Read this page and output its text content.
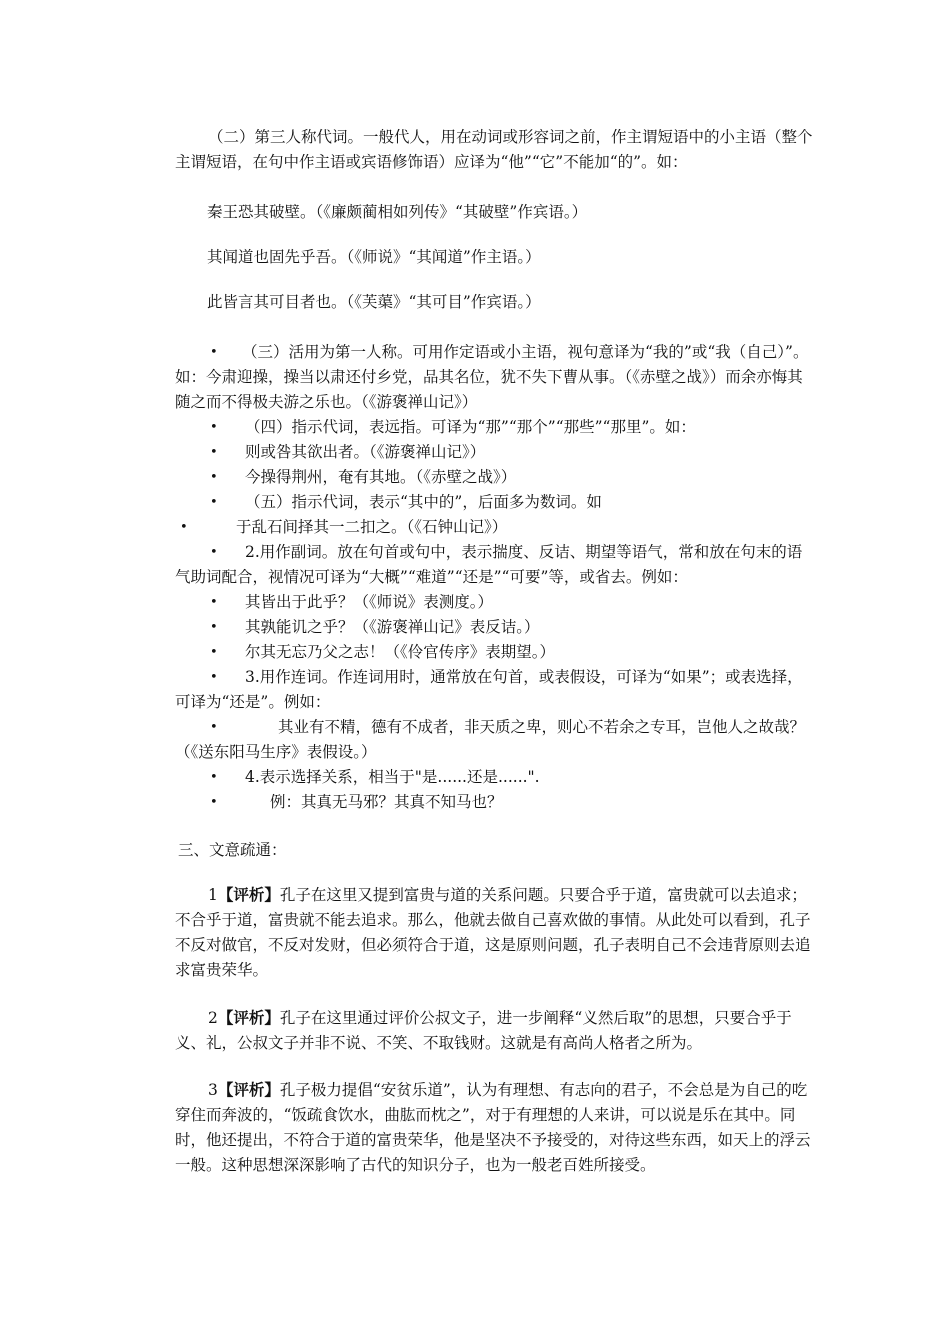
（二）第三人称代词。一般代人，用在动词或形容词之前，作主谓短语中的小主语（整个主谓短语，在句中作主语或宾语修饰语）应译为“他”“它”不能加“的”。如：

秦王恐其破壁。（《廉颇蔺相如列传》“其破壁”作宾语。）

其闻道也固先乎吾。（《师说》“其闻道”作主语。）

此皆言其可目者也。（《芙蕖》“其可目”作宾语。）

•	（三）活用为第一人称。可用作定语或小主语，视句意译为“我的”或“我（自己）”。如：今肃迎操，操当以肃还付乡党，品其名位，犹不失下曹从事。（《赤壁之战》）而余亦悔其随之而不得极夫游之乐也。（《游褒禅山记》）

• （四）指示代词，表远指。可译为“那”“那个”“那些”“那里”。如：

• 则或咎其欲出者。（《游褒禅山记》）

• 今操得荆州，奄有其地。（《赤壁之战》）

• （五）指示代词，表示“其中的”，后面多为数词。如

•	于乱石间择其一二扣之。（《石钟山记》）

•	2.用作副词。放在句首或句中，表示揣度、反诘、期望等语气，常和放在句末的语气助词配合，视情况可译为“大概”“难道”“还是”“可要”等，或省去。例如：

• 其皆出于此乎？（《师说》表测度。）

• 其孰能讥之乎？（《游褒禅山记》表反诘。）

• 尔其无忘乃父之志！（《伶官传序》表期望。）

•	3.用作连词。作连词用时，通常放在句首，或表假设，可译为“如果”；或表选择，可译为“还是”。例如：

•	其业有不精，德有不成者，非天质之卑，则心不若余之专耳，岂他人之故哉？（《送东阳马生序》表假设。）

• 4.表示选择关系，相当于"是......还是......".

•	例：其真无马邪？其真不知马也？

三、文意疏通：

1【评析】孔子在这里又提到富贵与道的关系问题。只要合乎于道，富贵就可以去追求；不合乎于道，富贵就不能去追求。那么，他就去做自己喜欢做的事情。从此处可以看到，孔子不反对做官，不反对发财，但必须符合于道，这是原则问题，孔子表明自己不会违背原则去追求富贵荣华。

2【评析】孔子在这里通过评价公叔文子，进一步阐释“义然后取”的思想，只要合乎于义、礼，公叔文子并非不说、不笑、不取钱财。这就是有高尚人格者之所为。

3【评析】孔子极力提倡“安贫乐道”，认为有理想、有志向的君子，不会总是为自己的吃穿住而奔波的，“饭疏食饮水，曲肱而枕之”，对于有理想的人来讲，可以说是乐在其中。同时，他还提出，不符合于道的富贵荣华，他是坚决不予接受的，对待这些东西，如天上的浮云一般。这种思想深深影响了古代的知识分子，也为一般老百姓所接受。
